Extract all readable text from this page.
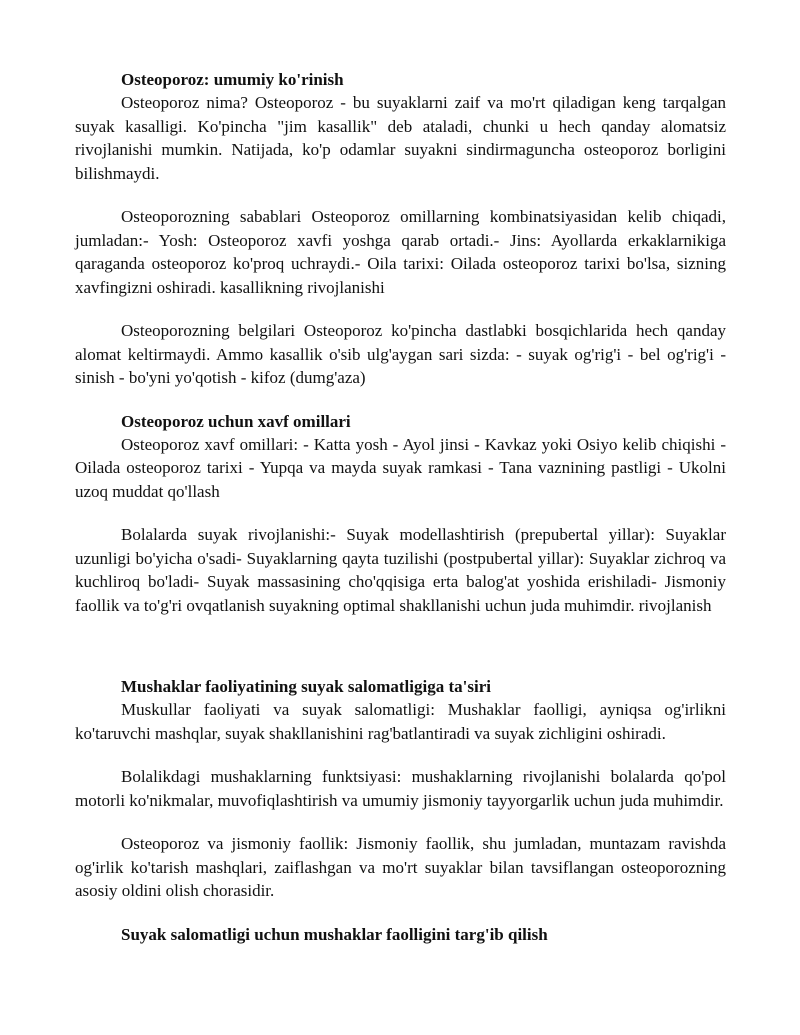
Osteoporoz: umumiy ko'rinish

Osteoporoz nima? Osteoporoz - bu suyaklarni zaif va mo'rt qiladigan keng tarqalgan suyak kasalligi. Ko'pincha "jim kasallik" deb ataladi, chunki u hech qanday alomatsiz rivojlanishi mumkin. Natijada, ko'p odamlar suyakni sindirmaguncha osteoporoz borligini bilishmaydi.

Osteoporozning sabablari Osteoporoz omillarning kombinatsiyasidan kelib chiqadi, jumladan:- Yosh: Osteoporoz xavfi yoshga qarab ortadi.- Jins: Ayollarda erkaklarnikiga qaraganda osteoporoz ko'proq uchraydi.- Oila tarixi: Oilada osteoporoz tarixi bo'lsa, sizning xavfingizni oshiradi. kasallikning rivojlanishi

Osteoporozning belgilari Osteoporoz ko'pincha dastlabki bosqichlarida hech qanday alomat keltirmaydi. Ammo kasallik o'sib ulg'aygan sari sizda: - suyak og'rig'i - bel og'rig'i - sinish - bo'yni yo'qotish - kifoz (dumg'aza)

Osteoporoz uchun xavf omillari

Osteoporoz xavf omillari: - Katta yosh - Ayol jinsi - Kavkaz yoki Osiyo kelib chiqishi - Oilada osteoporoz tarixi - Yupqa va mayda suyak ramkasi - Tana vaznining pastligi - Ukolni uzoq muddat qo'llash

Bolalarda suyak rivojlanishi:- Suyak modellashtirish (prepubertal yillar): Suyaklar uzunligi bo'yicha o'sadi- Suyaklarning qayta tuzilishi (postpubertal yillar): Suyaklar zichroq va kuchliroq bo'ladi- Suyak massasining cho'qqisiga erta balog'at yoshida erishiladi- Jismoniy faollik va to'g'ri ovqatlanish suyakning optimal shakllanishi uchun juda muhimdir. rivojlanish

Mushaklar faoliyatining suyak salomatligiga ta'siri

Muskullar faoliyati va suyak salomatligi: Mushaklar faolligi, ayniqsa og'irlikni ko'taruvchi mashqlar, suyak shakllanishini rag'batlantiradi va suyak zichligini oshiradi.

Bolalikdagi mushaklarning funktsiyasi: mushaklarning rivojlanishi bolalarda qo'pol motorli ko'nikmalar, muvofiqlashtirish va umumiy jismoniy tayyorgarlik uchun juda muhimdir.

Osteoporoz va jismoniy faollik: Jismoniy faollik, shu jumladan, muntazam ravishda og'irlik ko'tarish mashqlari, zaiflashgan va mo'rt suyaklar bilan tavsiflangan osteoporozning asosiy oldini olish chorasidir.

Suyak salomatligi uchun mushaklar faolligini targ'ib qilish
